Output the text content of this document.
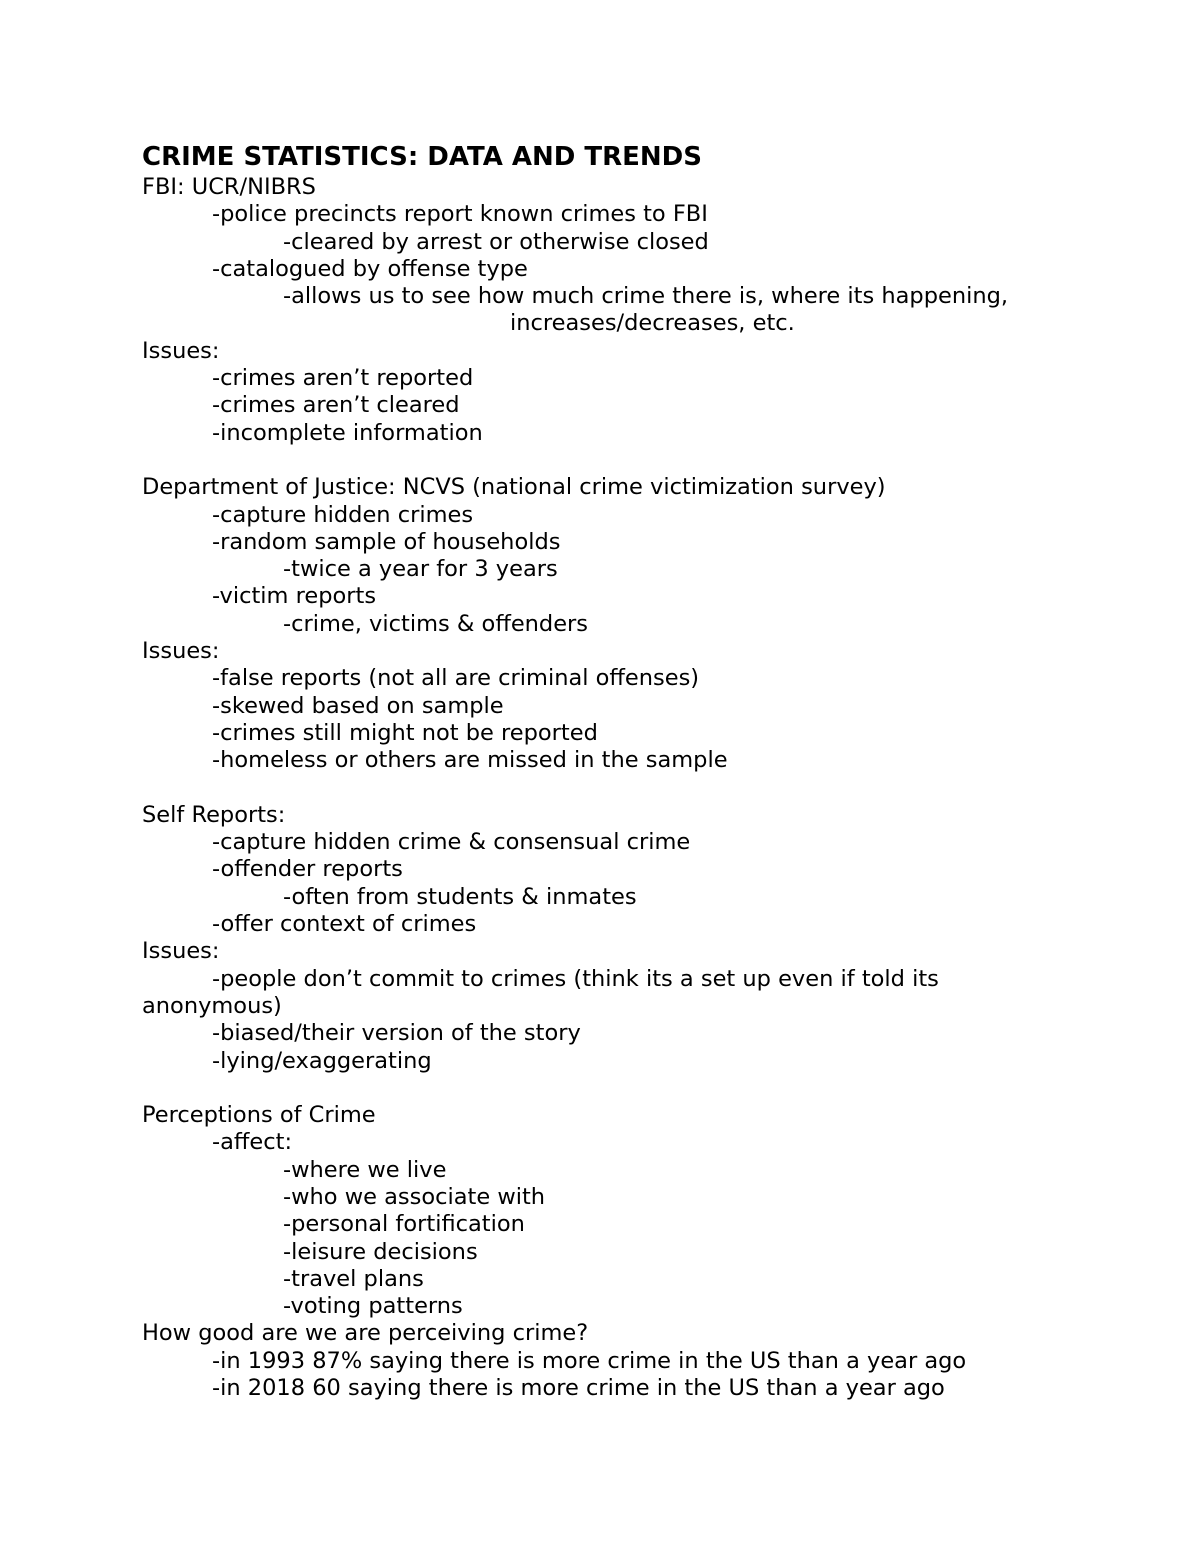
CRIME STATISTICS: DATA AND TRENDS
FBI: UCR/NIBRS
-police precincts report known crimes to FBI
-cleared by arrest or otherwise closed
-catalogued by offense type
-allows us to see how much crime there is, where its happening,
increases/decreases, etc.
Issues:
-crimes aren’t reported
-crimes aren’t cleared
-incomplete information
Department of Justice: NCVS (national crime victimization survey)
-capture hidden crimes
-random sample of households
-twice a year for 3 years
-victim reports
-crime, victims & offenders
Issues:
-false reports (not all are criminal offenses)
-skewed based on sample
-crimes still might not be reported
-homeless or others are missed in the sample
Self Reports:
-capture hidden crime & consensual crime
-offender reports
-often from students & inmates
-offer context of crimes
Issues:
-people don’t commit to crimes (think its a set up even if told its
anonymous)
-biased/their version of the story
-lying/exaggerating
Perceptions of Crime
-affect:
-where we live
-who we associate with
-personal fortification
-leisure decisions
-travel plans
-voting patterns
How good are we are perceiving crime?
-in 1993 87% saying there is more crime in the US than a year ago
-in 2018 60 saying there is more crime in the US than a year ago
